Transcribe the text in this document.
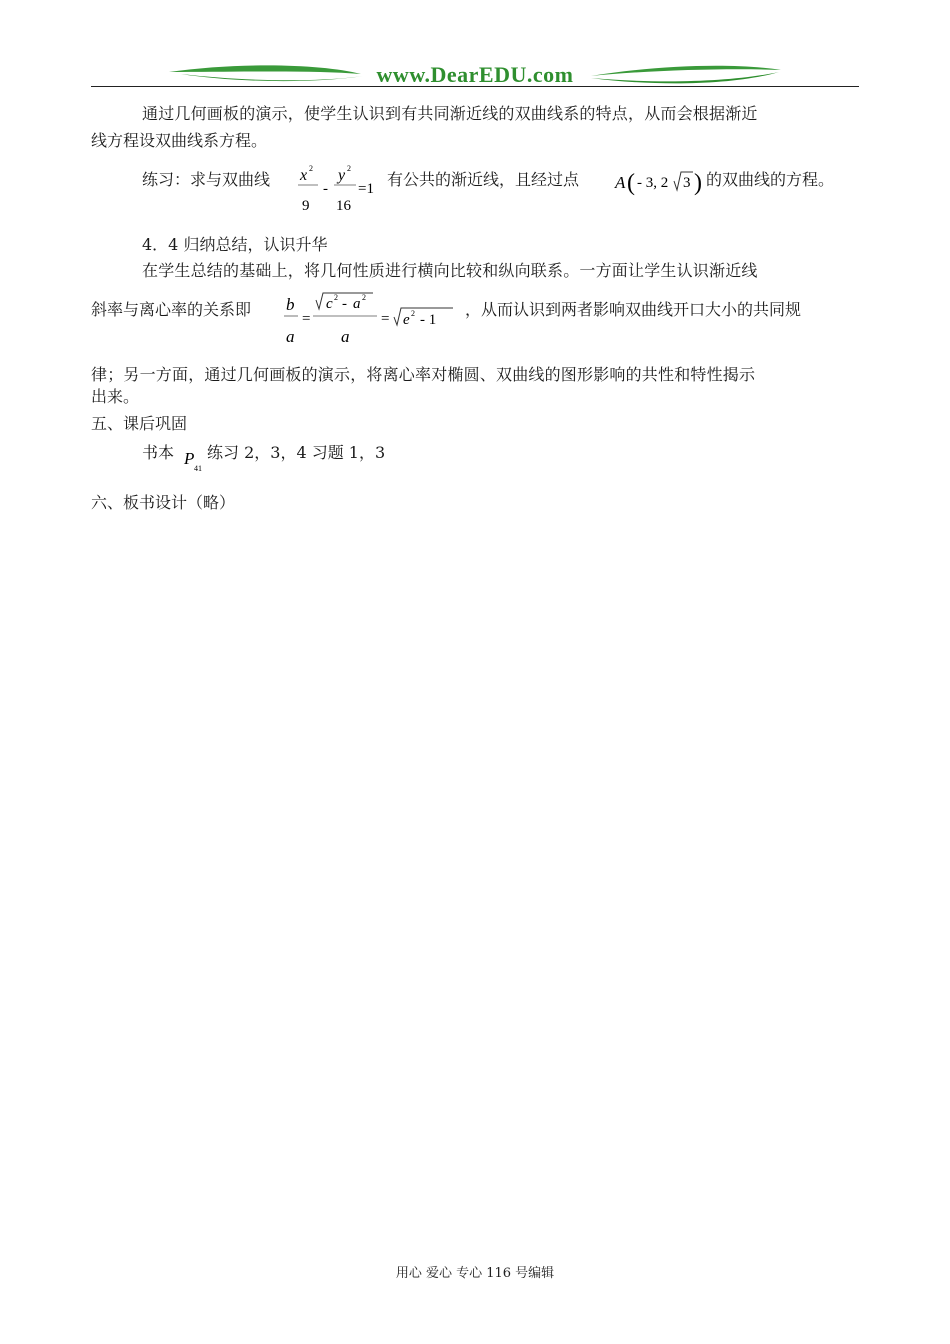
www.DearEDU.com
通过几何画板的演示，使学生认识到有共同渐近线的双曲线系的特点，从而会根据渐近
线方程设双曲线系方程。
练习：求与双曲线 x 2
9
-
y 2
16
=1 有公共的渐近线，且经过点 A ( - 3, 2 3 ) 的双曲线的方程。
4．4 归纳总结，认识升华
在学生总结的基础上，将几何性质进行横向比较和纵向联系。一方面让学生认识渐近线
斜率与离心率的关系即 b
a
=
c 2 - a 2
a
= e 2 - 1
，从而认识到两者影响双曲线开口大小的共同规
律；另一方面，通过几何画板的演示，将离心率对椭圆、双曲线的图形影响的共性和特性揭示
出来。
五、课后巩固
书本 P
41
练习 2，3，4 习题 1，3
六、板书设计（略）
用心 爱心 专心 116 号编辑
